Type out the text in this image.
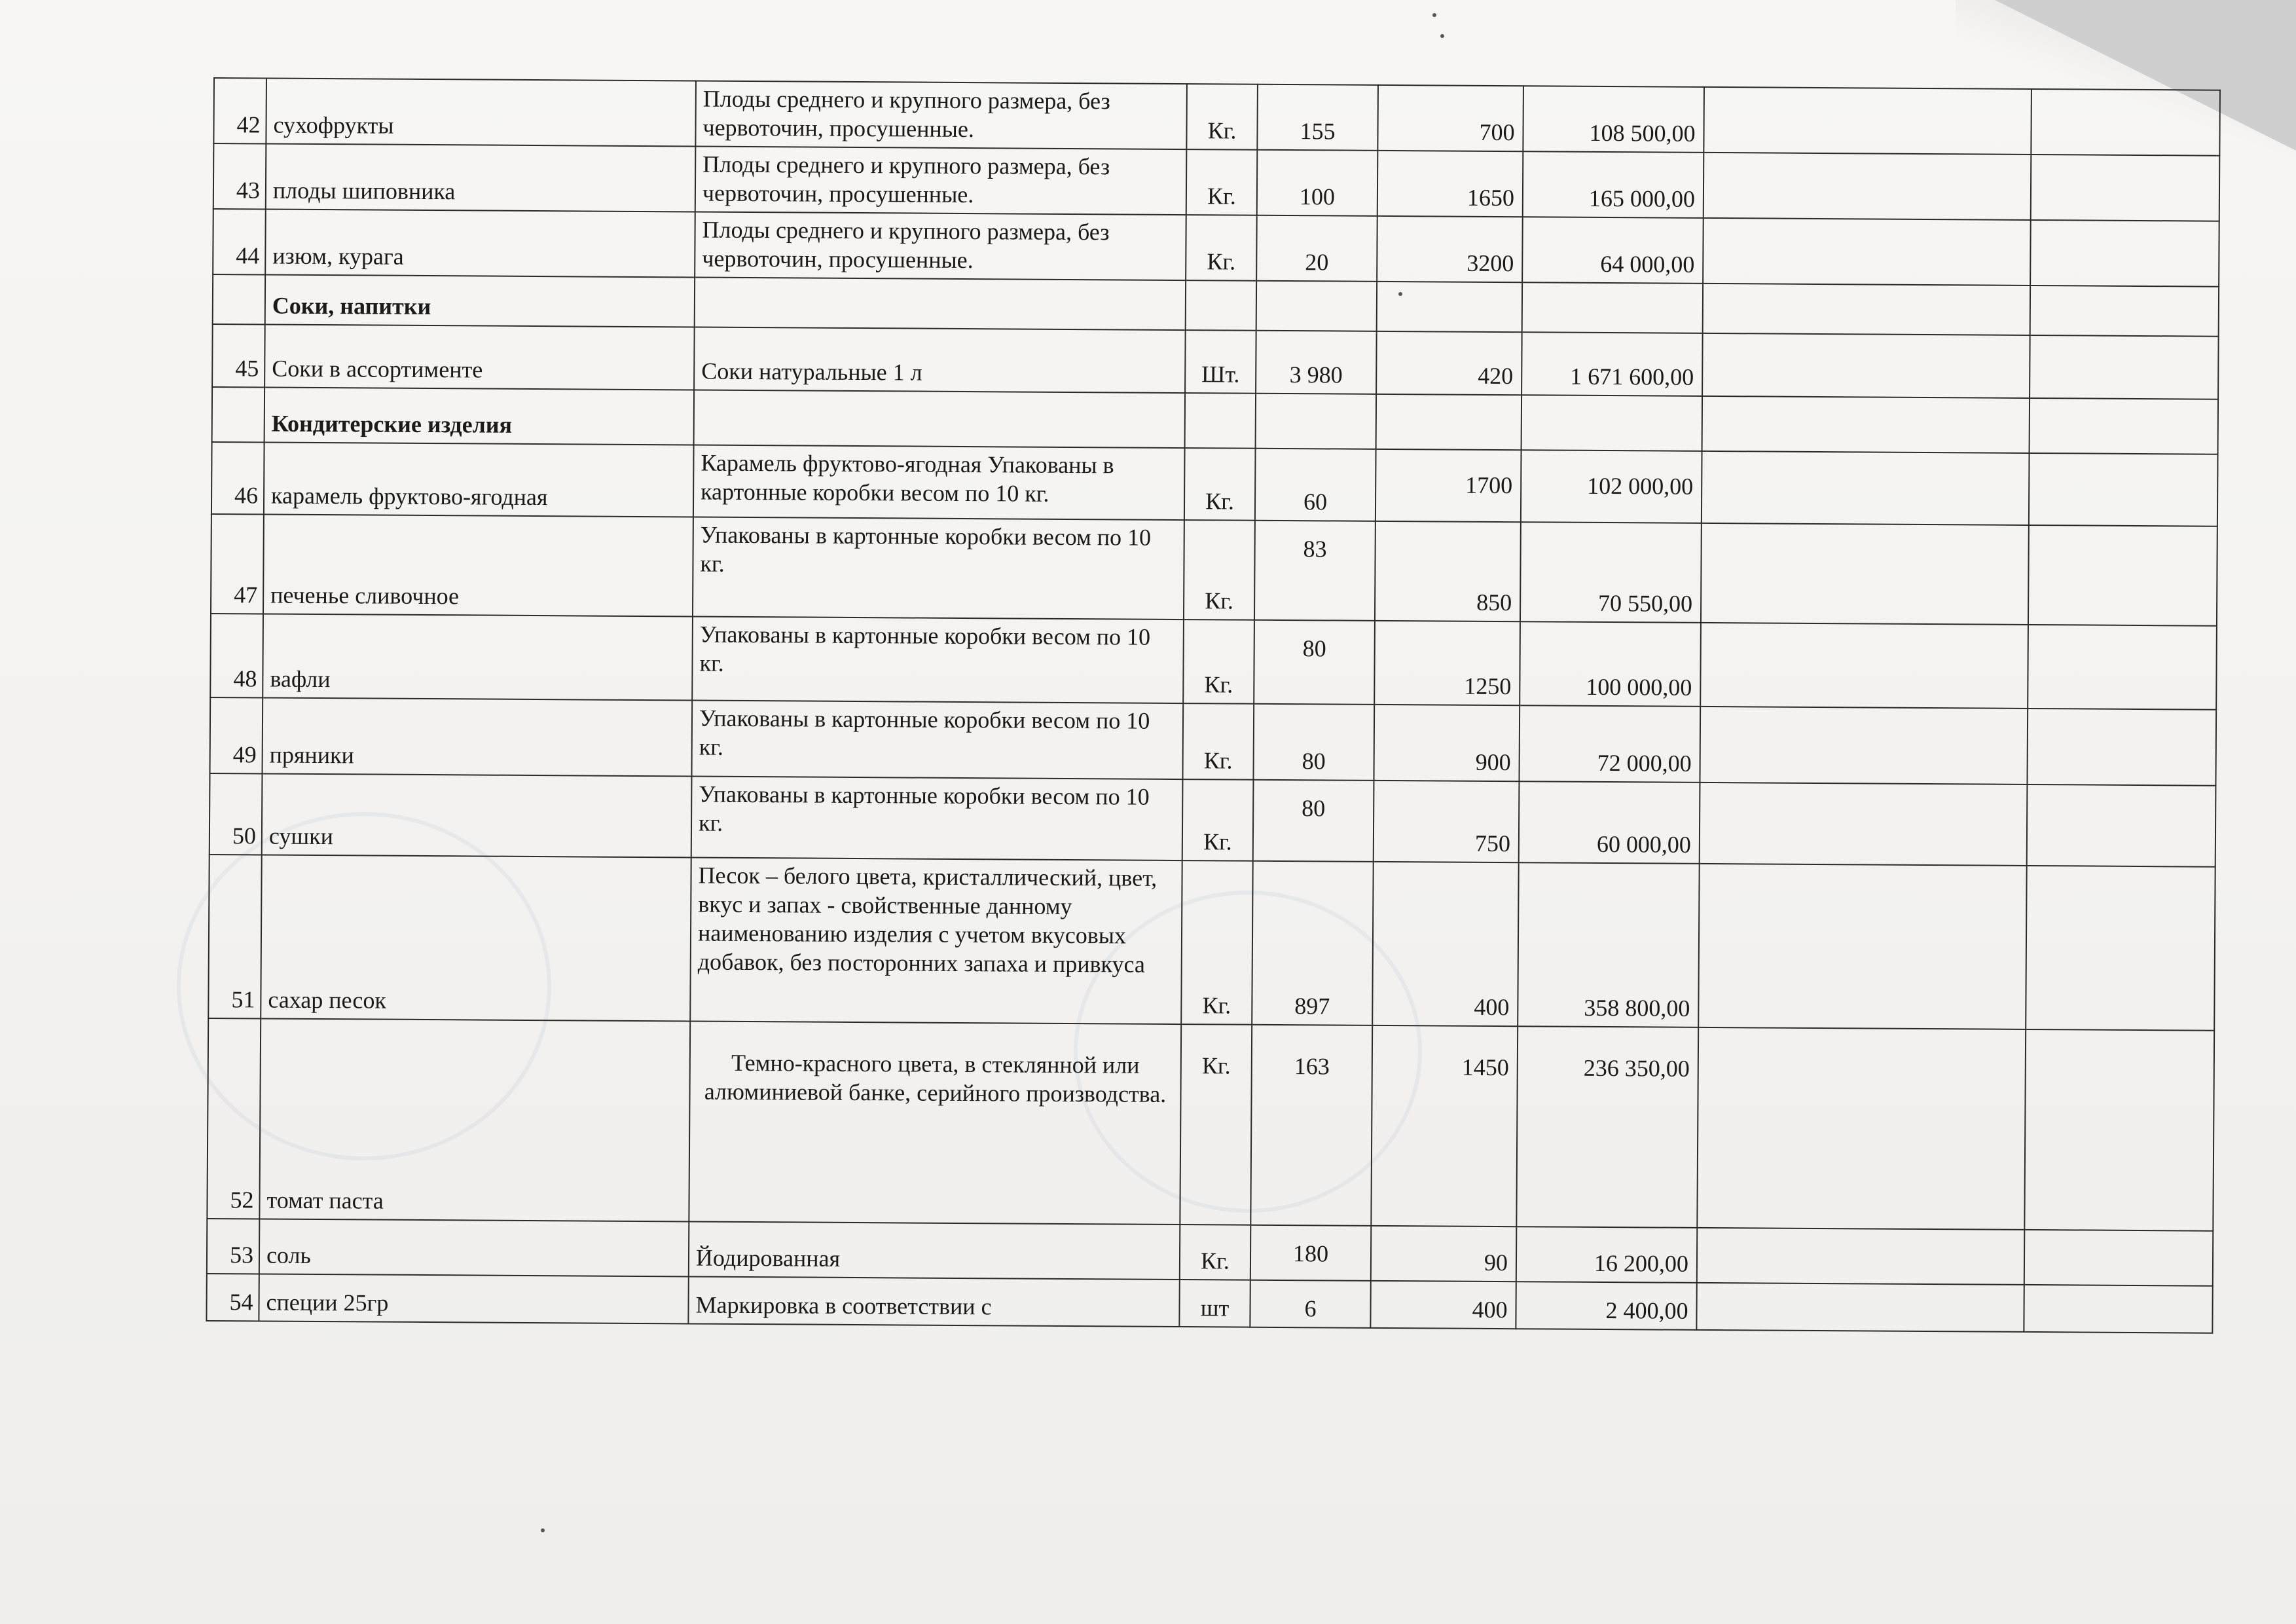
42	сухофрукты	Плоды среднего и крупного размера, без червоточин, просушенные.	Кг.	155	700	108 500,00		
43	плоды шиповника	Плоды среднего и крупного размера, без червоточин, просушенные.	Кг.	100	1650	165 000,00		
44	изюм, курага	Плоды среднего и крупного размера, без червоточин, просушенные.	Кг.	20	3200	64 000,00		
	Соки, напитки							
45	Соки в ассортименте	Соки натуральные 1 л	Шт.	3 980	420	1 671 600,00		
	Кондитерские изделия							
46	карамель фруктово-ягодная	Карамель фруктово-ягодная Упакованы в картонные коробки весом по 10 кг.	Кг.	60	1700	102 000,00		
47	печенье сливочное	Упакованы в картонные коробки весом по 10 кг.	Кг.	83	850	70 550,00		
48	вафли	Упакованы в картонные коробки весом по 10 кг.	Кг.	80	1250	100 000,00		
49	пряники	Упакованы в картонные коробки весом по 10 кг.	Кг.	80	900	72 000,00		
50	сушки	Упакованы в картонные коробки весом по 10 кг.	Кг.	80	750	60 000,00		
51	сахар песок	Песок – белого цвета, кристаллический, цвет, вкус и запах - свойственные данному наименованию изделия с учетом вкусовых добавок, без посторонних запаха и привкуса	Кг.	897	400	358 800,00		
52	томат паста	Темно-красного цвета, в стеклянной или алюминиевой банке, серийного производства.	Кг.	163	1450	236 350,00		
53	соль	Йодированная	Кг.	180	90	16 200,00		
54	специи 25гр	Маркировка в соответствии с	шт	6	400	2 400,00		
